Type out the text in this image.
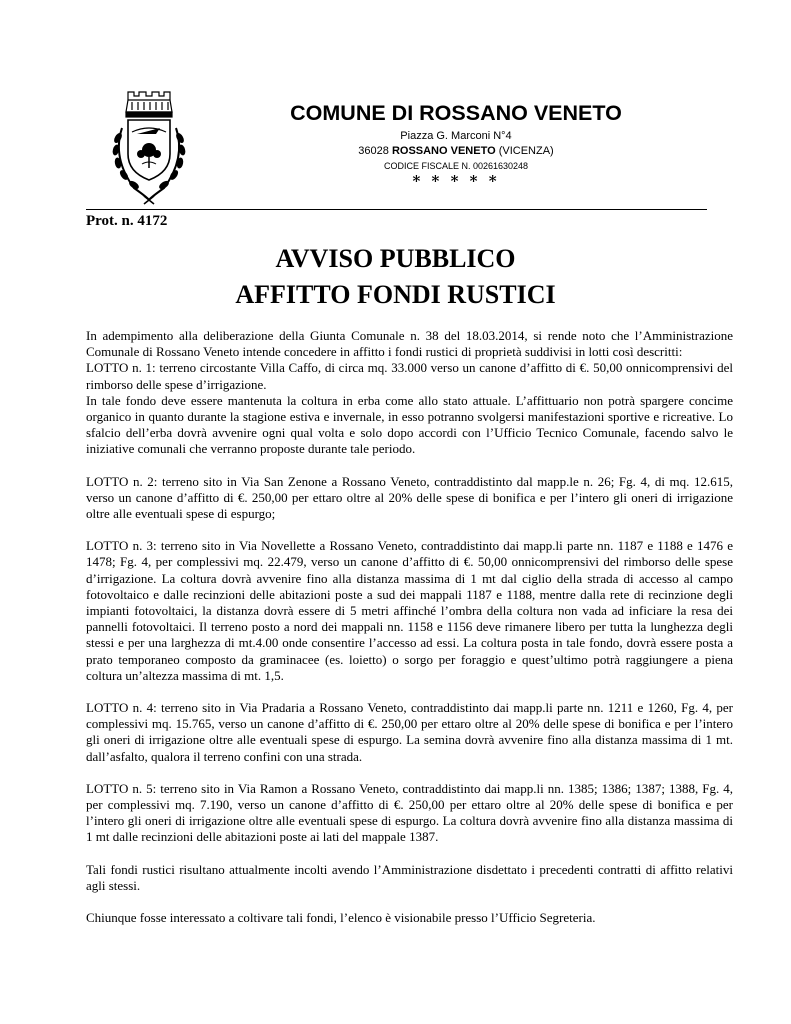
COMUNE DI ROSSANO VENETO
Piazza G. Marconi N°4
36028 ROSSANO VENETO (VICENZA)
CODICE FISCALE N. 00261630248
* * * * *
Prot. n. 4172
AVVISO PUBBLICO
AFFITTO FONDI RUSTICI

In adempimento alla deliberazione della Giunta Comunale n. 38 del 18.03.2014, si rende noto che l’Amministrazione Comunale di Rossano Veneto intende concedere in affitto i fondi rustici di proprietà suddivisi in lotti così descritti:
LOTTO n. 1: terreno circostante Villa Caffo, di circa mq. 33.000 verso un canone d’affitto di €. 50,00 onnicomprensivi del rimborso delle spese d’irrigazione.
In tale fondo deve essere mantenuta la coltura in erba come allo stato attuale. L’affittuario non potrà spargere concime organico in quanto durante la stagione estiva e invernale, in esso potranno svolgersi manifestazioni sportive e ricreative. Lo sfalcio dell’erba dovrà avvenire ogni qual volta e solo dopo accordi con l’Ufficio Tecnico Comunale, facendo salvo le iniziative comunali che verranno proposte durante tale periodo.

LOTTO n. 2: terreno sito in Via San Zenone a Rossano Veneto, contraddistinto dal mapp.le n. 26; Fg. 4, di mq. 12.615, verso un canone d’affitto di €. 250,00 per ettaro oltre al 20% delle spese di bonifica e per l’intero gli oneri di irrigazione oltre alle eventuali spese di espurgo;

LOTTO n. 3: terreno sito in Via Novellette a Rossano Veneto, contraddistinto dai mapp.li parte nn. 1187 e 1188 e 1476 e 1478; Fg. 4, per complessivi mq. 22.479, verso un canone d’affitto di €. 50,00 onnicomprensivi del rimborso delle spese d’irrigazione. La coltura dovrà avvenire fino alla distanza massima di 1 mt dal ciglio della strada di accesso al campo fotovoltaico e dalle recinzioni delle abitazioni poste a sud dei mappali 1187 e 1188, mentre dalla rete di recinzione degli impianti fotovoltaici, la distanza dovrà essere di 5 metri affinché l’ombra della coltura non vada ad inficiare la resa dei pannelli fotovoltaici. Il terreno posto a nord dei mappali nn. 1158 e 1156 deve rimanere libero per tutta la lunghezza degli stessi e per una larghezza di mt.4.00 onde consentire l’accesso ad essi. La coltura posta in tale fondo, dovrà essere posta a prato temporaneo composto da graminacee (es. loietto) o sorgo per foraggio e quest’ultimo potrà raggiungere a piena coltura un’altezza massima di mt. 1,5.

LOTTO n. 4: terreno sito in Via Pradaria a Rossano Veneto, contraddistinto dai mapp.li parte nn. 1211 e 1260, Fg. 4, per complessivi mq. 15.765, verso un canone d’affitto di €. 250,00 per ettaro oltre al 20% delle spese di bonifica e per l’intero gli oneri di irrigazione oltre alle eventuali spese di espurgo. La semina dovrà avvenire fino alla distanza massima di 1 mt. dall’asfalto, qualora il terreno confini con una strada.

LOTTO n. 5: terreno sito in Via Ramon a Rossano Veneto, contraddistinto dai mapp.li nn. 1385; 1386; 1387; 1388, Fg. 4, per complessivi mq. 7.190, verso un canone d’affitto di €. 250,00 per ettaro oltre al 20% delle spese di bonifica e per l’intero gli oneri di irrigazione oltre alle eventuali spese di espurgo. La coltura dovrà avvenire fino alla distanza massima di 1 mt dalle recinzioni delle abitazioni poste ai lati del mappale 1387.

Tali fondi rustici risultano attualmente incolti avendo l’Amministrazione disdettato i precedenti contratti di affitto relativi agli stessi.

Chiunque fosse interessato a coltivare tali fondi, l’elenco è visionabile presso l’Ufficio Segreteria.
